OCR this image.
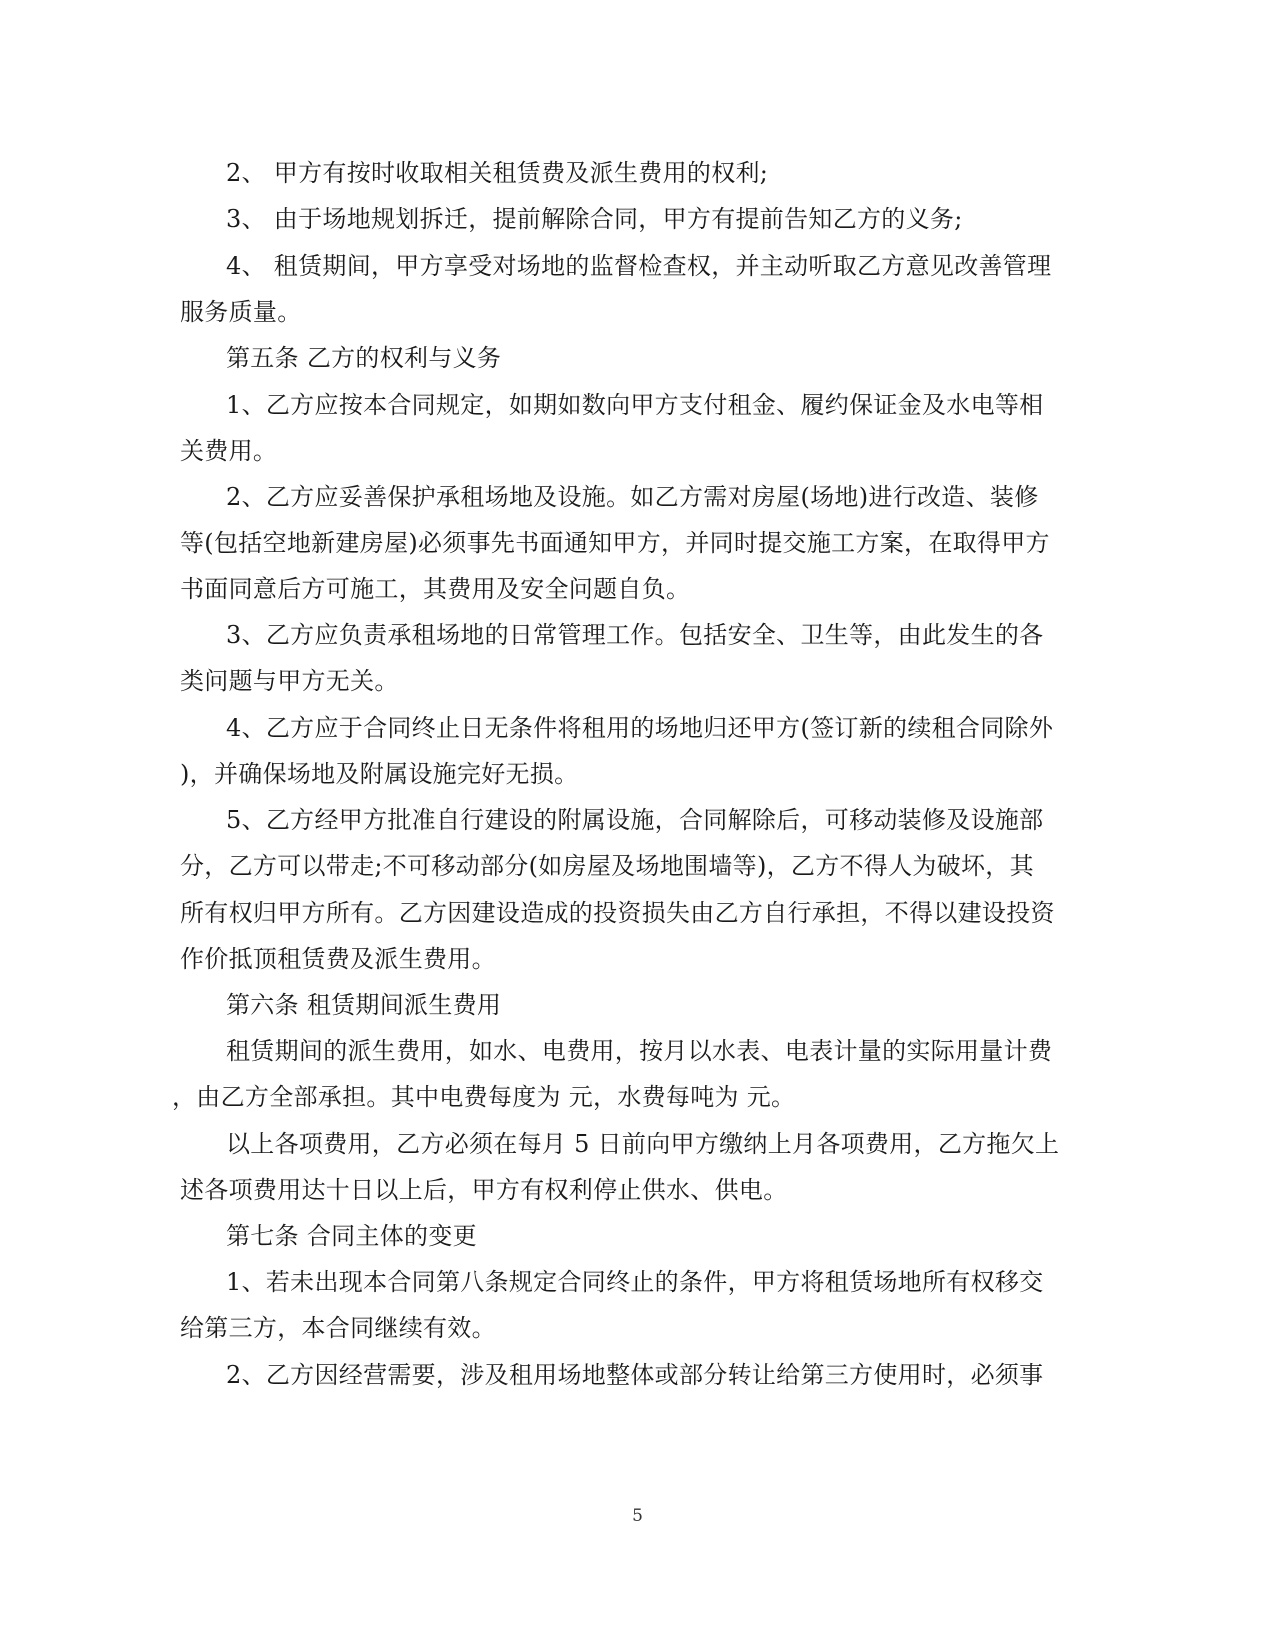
2、 甲方有按时收取相关租赁费及派生费用的权利;
3、 由于场地规划拆迁，提前解除合同，甲方有提前告知乙方的义务;
4、 租赁期间，甲方享受对场地的监督检查权，并主动听取乙方意见改善管理
服务质量。
第五条 乙方的权利与义务
1、乙方应按本合同规定，如期如数向甲方支付租金、履约保证金及水电等相
关费用。
2、乙方应妥善保护承租场地及设施。如乙方需对房屋(场地)进行改造、装修
等(包括空地新建房屋)必须事先书面通知甲方，并同时提交施工方案，在取得甲方
书面同意后方可施工，其费用及安全问题自负。
3、乙方应负责承租场地的日常管理工作。包括安全、卫生等，由此发生的各
类问题与甲方无关。
4、乙方应于合同终止日无条件将租用的场地归还甲方(签订新的续租合同除外
)，并确保场地及附属设施完好无损。
5、乙方经甲方批准自行建设的附属设施，合同解除后，可移动装修及设施部
分，乙方可以带走;不可移动部分(如房屋及场地围墙等)，乙方不得人为破坏，其
所有权归甲方所有。乙方因建设造成的投资损失由乙方自行承担，不得以建设投资
作价抵顶租赁费及派生费用。
第六条 租赁期间派生费用
租赁期间的派生费用，如水、电费用，按月以水表、电表计量的实际用量计费
，由乙方全部承担。其中电费每度为 元，水费每吨为 元。
以上各项费用，乙方必须在每月 5 日前向甲方缴纳上月各项费用，乙方拖欠上
述各项费用达十日以上后，甲方有权利停止供水、供电。
第七条 合同主体的变更
1、若未出现本合同第八条规定合同终止的条件，甲方将租赁场地所有权移交
给第三方，本合同继续有效。
2、乙方因经营需要，涉及租用场地整体或部分转让给第三方使用时，必须事
5
